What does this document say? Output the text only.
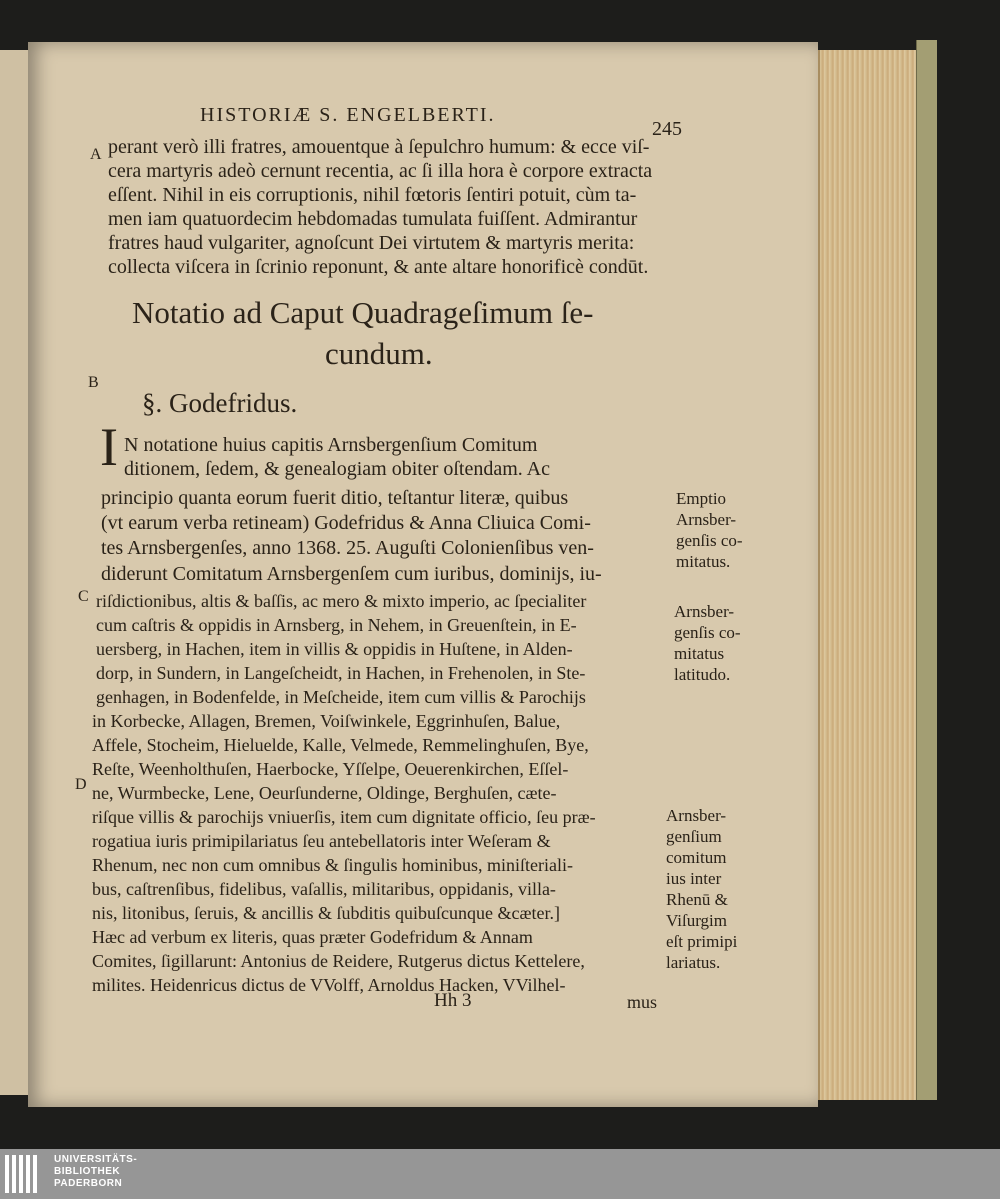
HISTORIÆ S. ENGELBERTI.
245
A
B
C
D
perant verò illi fratres, amouentque à ſepulchro humum: & ecce viſ-
cera martyris adeò cernunt recentia, ac ſi illa hora è corpore extracta
eſſent. Nihil in eis corruptionis, nihil fœtoris ſentiri potuit, cùm ta-
men iam quatuordecim hebdomadas tumulata fuiſſent. Admirantur
fratres haud vulgariter, agnoſcunt Dei virtutem & martyris merita:
collecta viſcera in ſcrinio reponunt, & ante altare honorificè condūt.
Notatio ad Caput Quadrageſimum ſe-
cundum.
§. Godefridus.
I N notatione huius capitis Arnsbergenſium Comitum
ditionem, ſedem, & genealogiam obiter oſtendam. Ac
principio quanta eorum fuerit ditio, teſtantur literæ, quibus
(vt earum verba retineam) Godefridus & Anna Cliuica Comi-
tes Arnsbergenſes, anno 1368. 25. Auguſti Colonienſibus ven-
diderunt Comitatum Arnsbergenſem cum iuribus, dominijs, iu-
riſdictionibus, altis & baſſis, ac mero & mixto imperio, ac ſpecialiter
cum caſtris & oppidis in Arnsberg, in Nehem, in Greuenſtein, in E-
uersberg, in Hachen, item in villis & oppidis in Huſtene, in Alden-
dorp, in Sundern, in Langeſcheidt, in Hachen, in Frehenolen, in Ste-
genhagen, in Bodenfelde, in Meſcheide, item cum villis & Parochijs
in Korbecke, Allagen, Bremen, Voiſwinkele, Eggrinhuſen, Balue,
Affele, Stocheim, Hieluelde, Kalle, Velmede, Remmelinghuſen, Bye,
Reſte, Weenholthuſen, Haerbocke, Yſſelpe, Oeuerenkirchen, Eſſel-
ne, Wurmbecke, Lene, Oeurſunderne, Oldinge, Berghuſen, cæte-
riſque villis & parochijs vniuerſis, item cum dignitate officio, ſeu præ-
rogatiua iuris primipilariatus ſeu antebellatoris inter Weſeram &
Rhenum, nec non cum omnibus & ſingulis hominibus, miniſteriali-
bus, caſtrenſibus, fidelibus, vaſallis, militaribus, oppidanis, villa-
nis, litonibus, ſeruis, & ancillis & ſubditis quibuſcunque &cæter.]
Hæc ad verbum ex literis, quas præter Godefridum & Annam
Comites, ſigillarunt: Antonius de Reidere, Rutgerus dictus Kettelere,
milites. Heidenricus dictus de VVolff, Arnoldus Hacken, VVilhel-
Emptio
Arnsber-
genſis co-
mitatus.
Arnsber-
genſis co-
mitatus
latitudo.
Arnsber-
genſium
comitum
ius inter
Rhenū &
Viſurgim
eſt primipi
lariatus.
Hh 3	mus
UNIVERSITÄTS-
BIBLIOTHEK
PADERBORN
